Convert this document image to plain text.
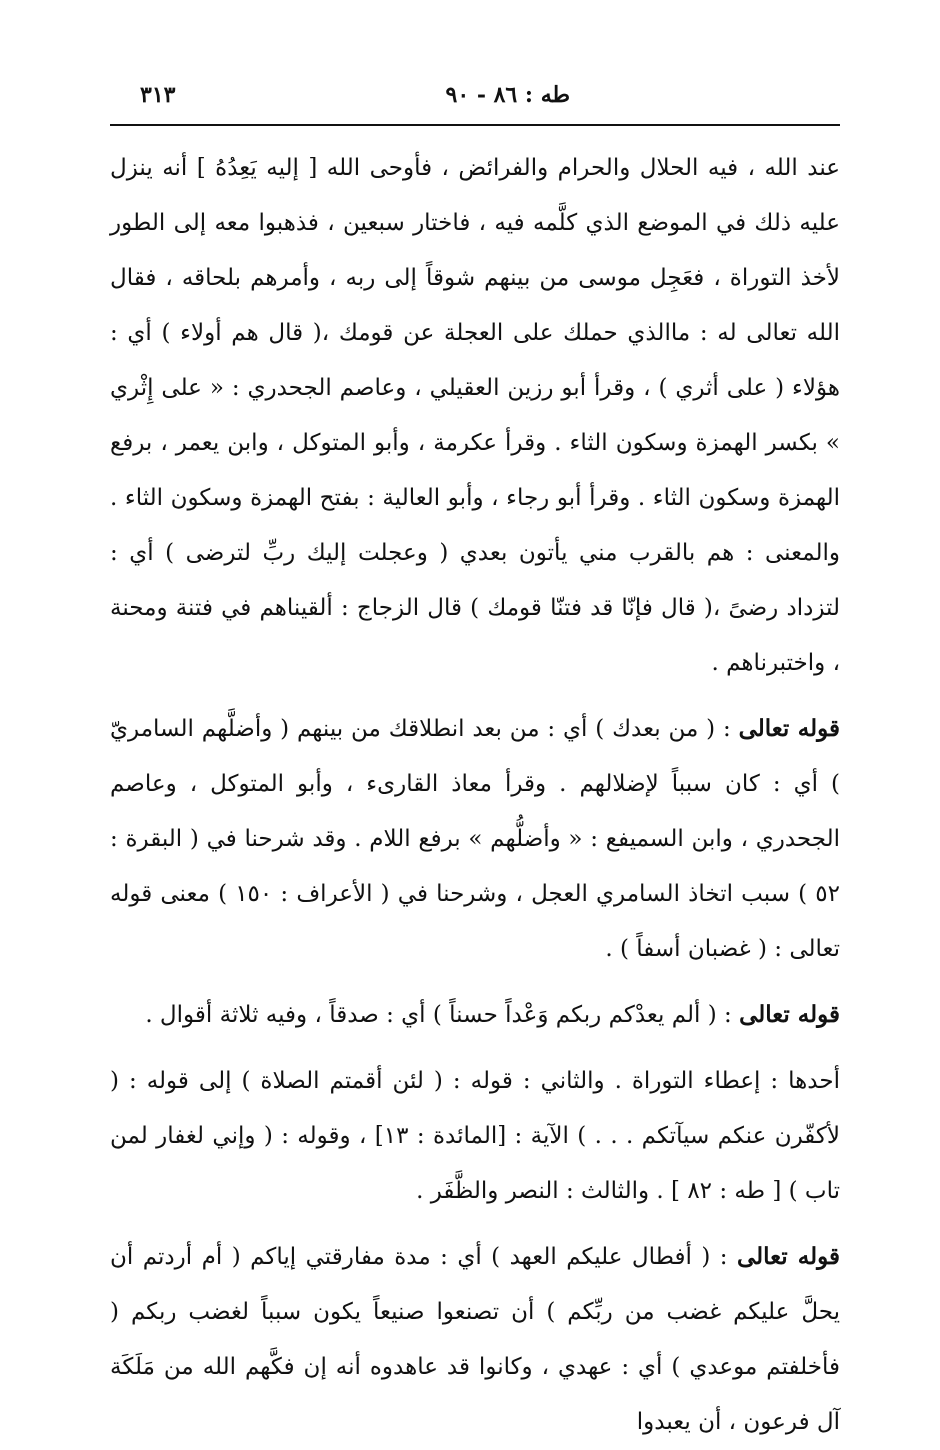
طه : ٨٦ - ٩٠
٣١٣

عند الله ، فيه الحلال والحرام والفرائض ، فأوحى الله [ إليه يَعِدُهُ ] أنه ينزل عليه ذلك في الموضع الذي كلَّمه فيه ، فاختار سبعين ، فذهبوا معه إلى الطور لأخذ التوراة ، فعَجِل موسى من بينهم شوقاً إلى ربه ، وأمرهم بلحاقه ، فقال الله تعالى له : ماالذي حملك على العجلة عن قومك ،( قال هم أولاء ) أي : هؤلاء ( على أثري ) ، وقرأ أبو رزين العقيلي ، وعاصم الجحدري : « على إِثْري » بكسر الهمزة وسكون الثاء . وقرأ عكرمة ، وأبو المتوكل ، وابن يعمر ، برفع الهمزة وسكون الثاء . وقرأ أبو رجاء ، وأبو العالية : بفتح الهمزة وسكون الثاء . والمعنى : هم بالقرب مني يأتون بعدي ( وعجلت إليك ربِّ لترضى ) أي : لتزداد رضىً ،( قال فإنّا قد فتنّا قومك ) قال الزجاج : ألقيناهم في فتنة ومحنة ، واختبرناهم .

قوله تعالى : ( من بعدك ) أي : من بعد انطلاقك من بينهم ( وأضلَّهم السامريّ ) أي : كان سبباً لإضلالهم . وقرأ معاذ القارىء ، وأبو المتوكل ، وعاصم الجحدري ، وابن السميفع : « وأضلُّهم » برفع اللام . وقد شرحنا في ( البقرة : ٥٢ ) سبب اتخاذ السامري العجل ، وشرحنا في ( الأعراف : ١٥٠ ) معنى قوله تعالى : ( غضبان أسفاً ) .

قوله تعالى : ( ألم يعدْكم ربكم وَعْداً حسناً ) أي : صدقاً ، وفيه ثلاثة أقوال .

أحدها : إعطاء التوراة . والثاني : قوله : ( لئن أقمتم الصلاة ) إلى قوله : ( لأكفّرن عنكم سيآتكم . . . ) الآية : [المائدة : ١٣] ، وقوله : ( وإني لغفار لمن تاب ) [ طه : ٨٢ ] . والثالث : النصر والظَّفَر .

قوله تعالى : ( أفطال عليكم العهد ) أي : مدة مفارقتي إياكم ( أم أردتم أن يحلَّ عليكم غضب من ربِّكم ) أن تصنعوا صنيعاً يكون سبباً لغضب ربكم ( فأخلفتم موعدي ) أي : عهدي ، وكانوا قد عاهدوه أنه إن فكَّهم الله من مَلَكَة آل فرعون ، أن يعبدوا
